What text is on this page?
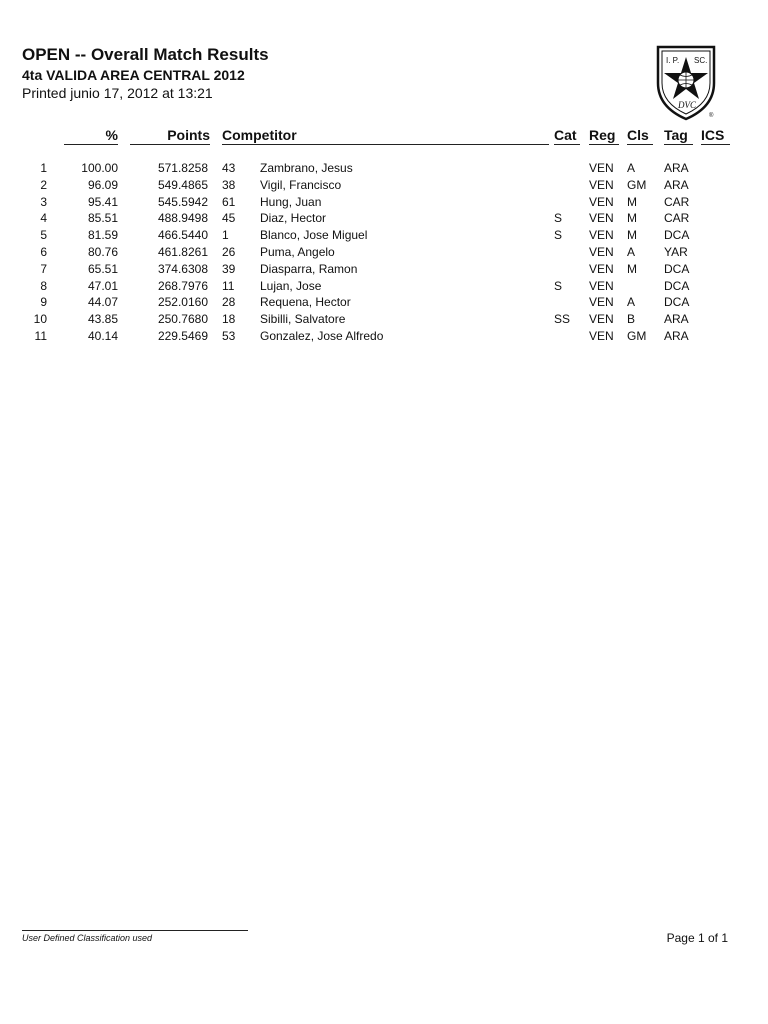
OPEN -- Overall Match Results
4ta VALIDA AREA CENTRAL 2012
Printed junio 17, 2012 at 13:21
I. P. SC.
DVC
®
%	Points Competitor	Cat Reg Cls	Tag ICS
1	100.00	571.8258 43 Zambrano, Jesus	VEN A ARA
2	96.09	549.4865 38 Vigil, Francisco	VEN GM ARA
3	95.41	545.5942 61 Hung, Juan	VEN M CAR
4	85.51	488.9498 45 Diaz, Hector	S VEN M CAR
5	81.59	466.5440 1	Blanco, Jose Miguel	S VEN M DCA
6	80.76	461.8261 26 Puma, Angelo	VEN A YAR
7	65.51	374.6308 39 Diasparra, Ramon	VEN M DCA
8	47.01	268.7976 11 Lujan, Jose	S VEN	DCA
9	44.07	252.0160 28 Requena, Hector	VEN A DCA
10	43.85	250.7680 18 Sibilli, Salvatore	SS VEN B ARA
11	40.14	229.5469 53 Gonzalez, Jose Alfredo	VEN GM ARA
User Defined Classification used	Page 1 of 1
